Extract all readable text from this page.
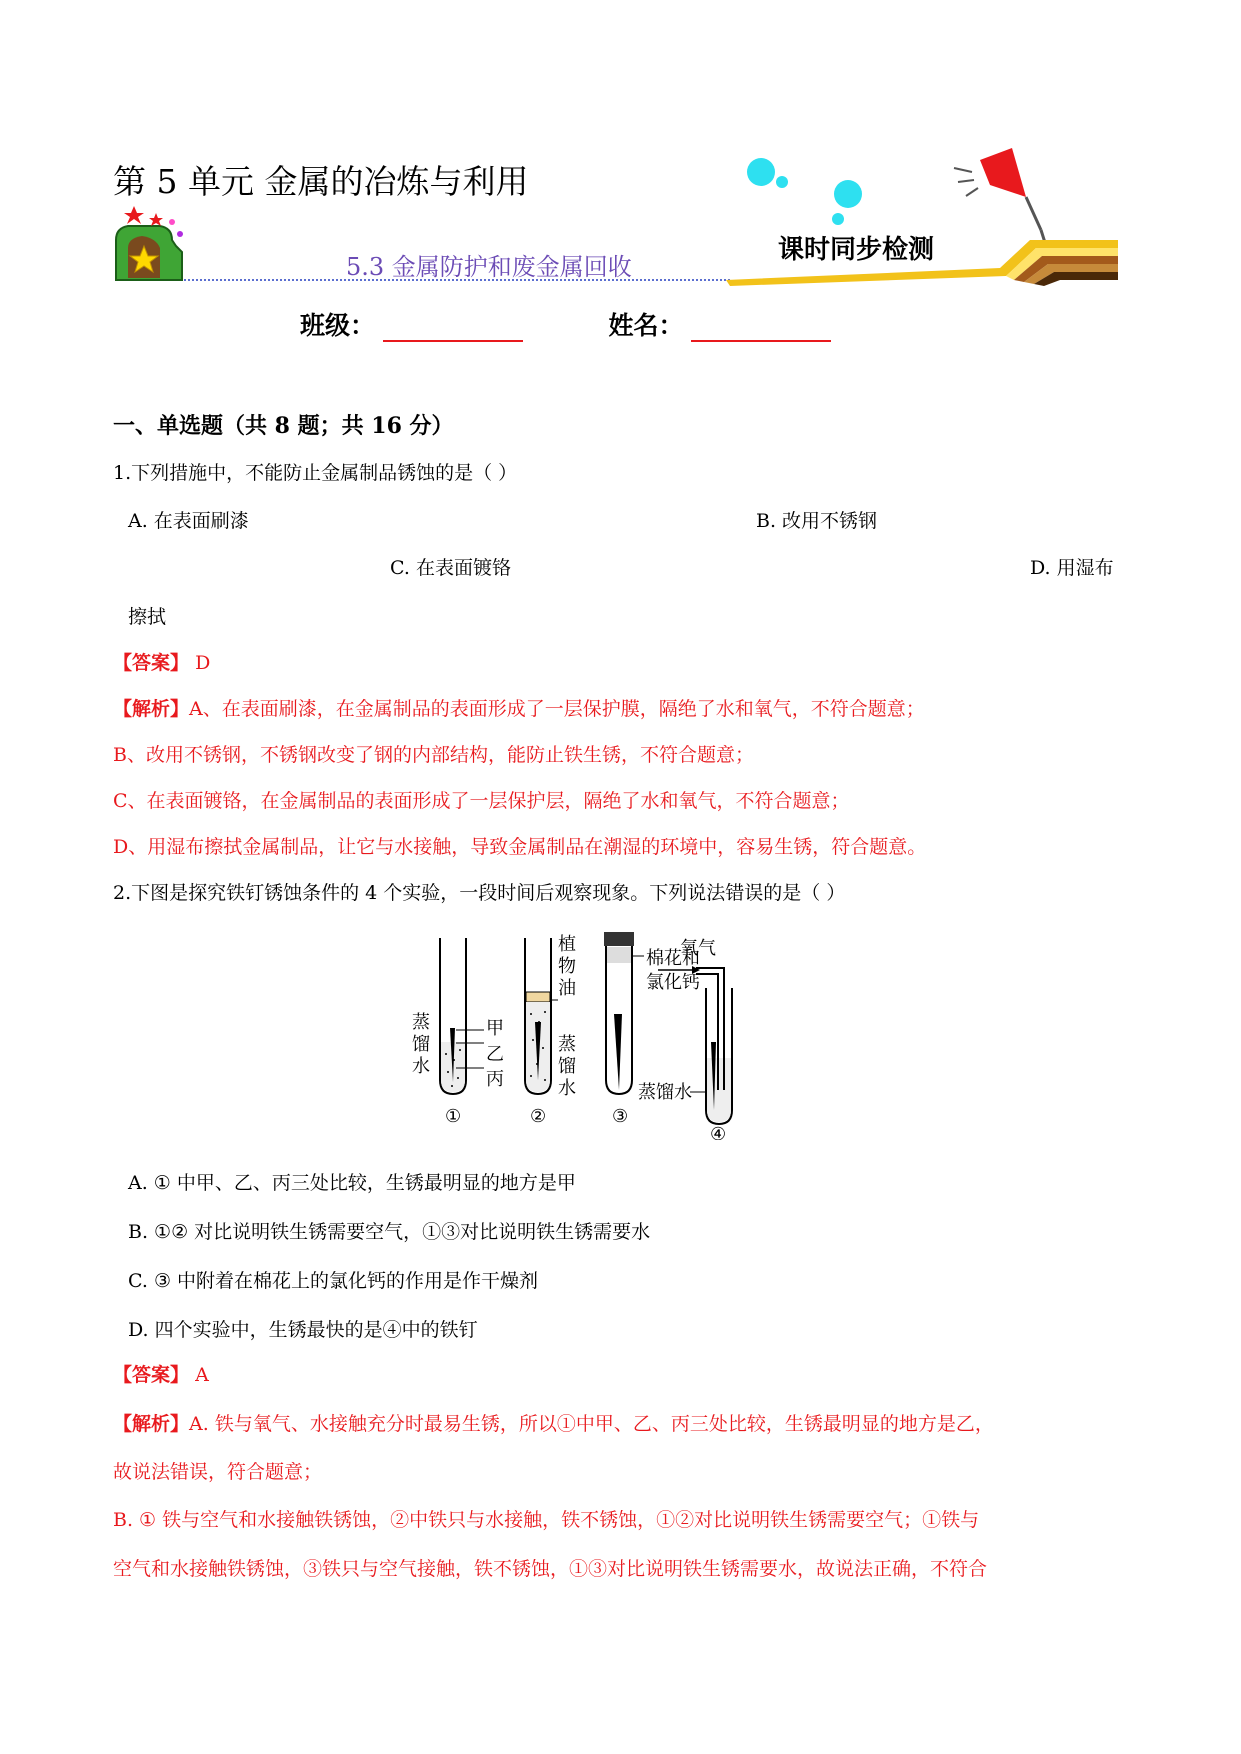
第 5 单元 金属的冶炼与利用
5.3 金属防护和废金属回收
课时同步检测
班级：	姓名：
一、单选题（共 8 题；共 16 分）
1.下列措施中，不能防止金属制品锈蚀的是（ ）
A. 在表面刷漆	B. 改用不锈钢
C. 在表面镀铬	D. 用湿布
擦拭
【答案】 D
【解析】A、在表面刷漆，在金属制品的表面形成了一层保护膜，隔绝了水和氧气，不符合题意；
B、改用不锈钢，不锈钢改变了钢的内部结构，能防止铁生锈，不符合题意；
C、在表面镀铬，在金属制品的表面形成了一层保护层，隔绝了水和氧气，不符合题意；
D、用湿布擦拭金属制品，让它与水接触，导致金属制品在潮湿的环境中，容易生锈，符合题意。
2.下图是探究铁钉锈蚀条件的 4 个实验，一段时间后观察现象。下列说法错误的是（ ）
蒸馏水
甲
乙
丙
①
植物油
蒸馏水
②
棉花和
氯化钙
③
氧气
蒸馏水
④
A. ① 中甲、乙、丙三处比较，生锈最明显的地方是甲
B. ①② 对比说明铁生锈需要空气，①③对比说明铁生锈需要水
C. ③ 中附着在棉花上的氯化钙的作用是作干燥剂
D. 四个实验中，生锈最快的是④中的铁钉
【答案】 A
【解析】A. 铁与氧气、水接触充分时最易生锈，所以①中甲、乙、丙三处比较，生锈最明显的地方是乙，
故说法错误，符合题意；
B. ① 铁与空气和水接触铁锈蚀，②中铁只与水接触，铁不锈蚀，①②对比说明铁生锈需要空气；①铁与
空气和水接触铁锈蚀，③铁只与空气接触，铁不锈蚀，①③对比说明铁生锈需要水，故说法正确，不符合
